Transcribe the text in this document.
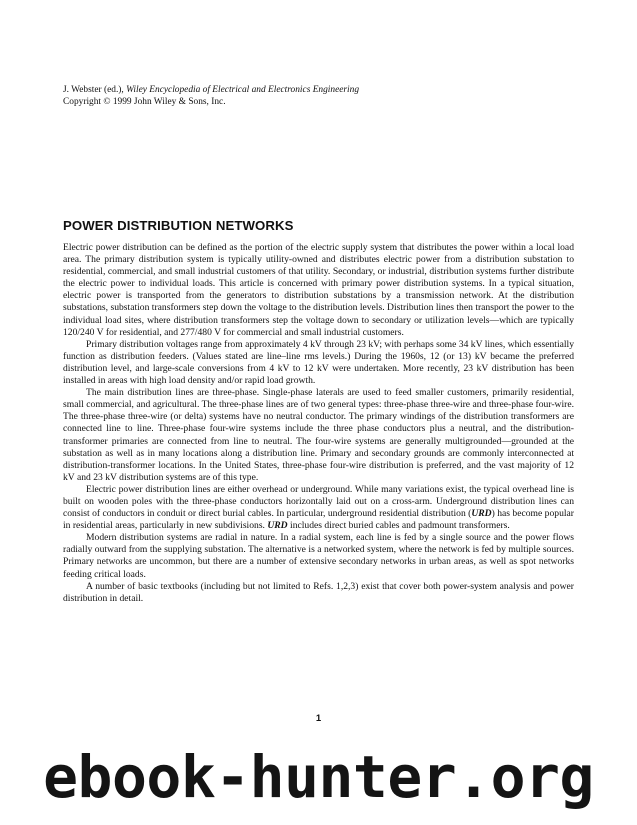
J. Webster (ed.), Wiley Encyclopedia of Electrical and Electronics Engineering
Copyright © 1999 John Wiley & Sons, Inc.
POWER DISTRIBUTION NETWORKS

Electric power distribution can be defined as the portion of the electric supply system that distributes the power within a local load area. The primary distribution system is typically utility-owned and distributes electric power from a distribution substation to residential, commercial, and small industrial customers of that utility. Secondary, or industrial, distribution systems further distribute the electric power to individual loads. This article is concerned with primary power distribution systems. In a typical situation, electric power is transported from the generators to distribution substations by a transmission network. At the distribution substations, substation transformers step down the voltage to the distribution levels. Distribution lines then transport the power to the individual load sites, where distribution transformers step the voltage down to secondary or utilization levels—which are typically 120/240 V for residential, and 277/480 V for commercial and small industrial customers.

Primary distribution voltages range from approximately 4 kV through 23 kV; with perhaps some 34 kV lines, which essentially function as distribution feeders. (Values stated are line–line rms levels.) During the 1960s, 12 (or 13) kV became the preferred distribution level, and large-scale conversions from 4 kV to 12 kV were undertaken. More recently, 23 kV distribution has been installed in areas with high load density and/or rapid load growth.

The main distribution lines are three-phase. Single-phase laterals are used to feed smaller customers, primarily residential, small commercial, and agricultural. The three-phase lines are of two general types: three-phase three-wire and three-phase four-wire. The three-phase three-wire (or delta) systems have no neutral conductor. The primary windings of the distribution transformers are connected line to line. Three-phase four-wire systems include the three phase conductors plus a neutral, and the distribution-transformer primaries are connected from line to neutral. The four-wire systems are generally multigrounded—grounded at the substation as well as in many locations along a distribution line. Primary and secondary grounds are commonly interconnected at distribution-transformer locations. In the United States, three-phase four-wire distribution is preferred, and the vast majority of 12 kV and 23 kV distribution systems are of this type.

Electric power distribution lines are either overhead or underground. While many variations exist, the typical overhead line is built on wooden poles with the three-phase conductors horizontally laid out on a cross-arm. Underground distribution lines can consist of conductors in conduit or direct burial cables. In particular, underground residential distribution (URD) has become popular in residential areas, particularly in new subdivisions. URD includes direct buried cables and padmount transformers.

Modern distribution systems are radial in nature. In a radial system, each line is fed by a single source and the power flows radially outward from the supplying substation. The alternative is a networked system, where the network is fed by multiple sources. Primary networks are uncommon, but there are a number of extensive secondary networks in urban areas, as well as spot networks feeding critical loads.

A number of basic textbooks (including but not limited to Refs. 1,2,3) exist that cover both power-system analysis and power distribution in detail.

1
ebook-hunter.org
